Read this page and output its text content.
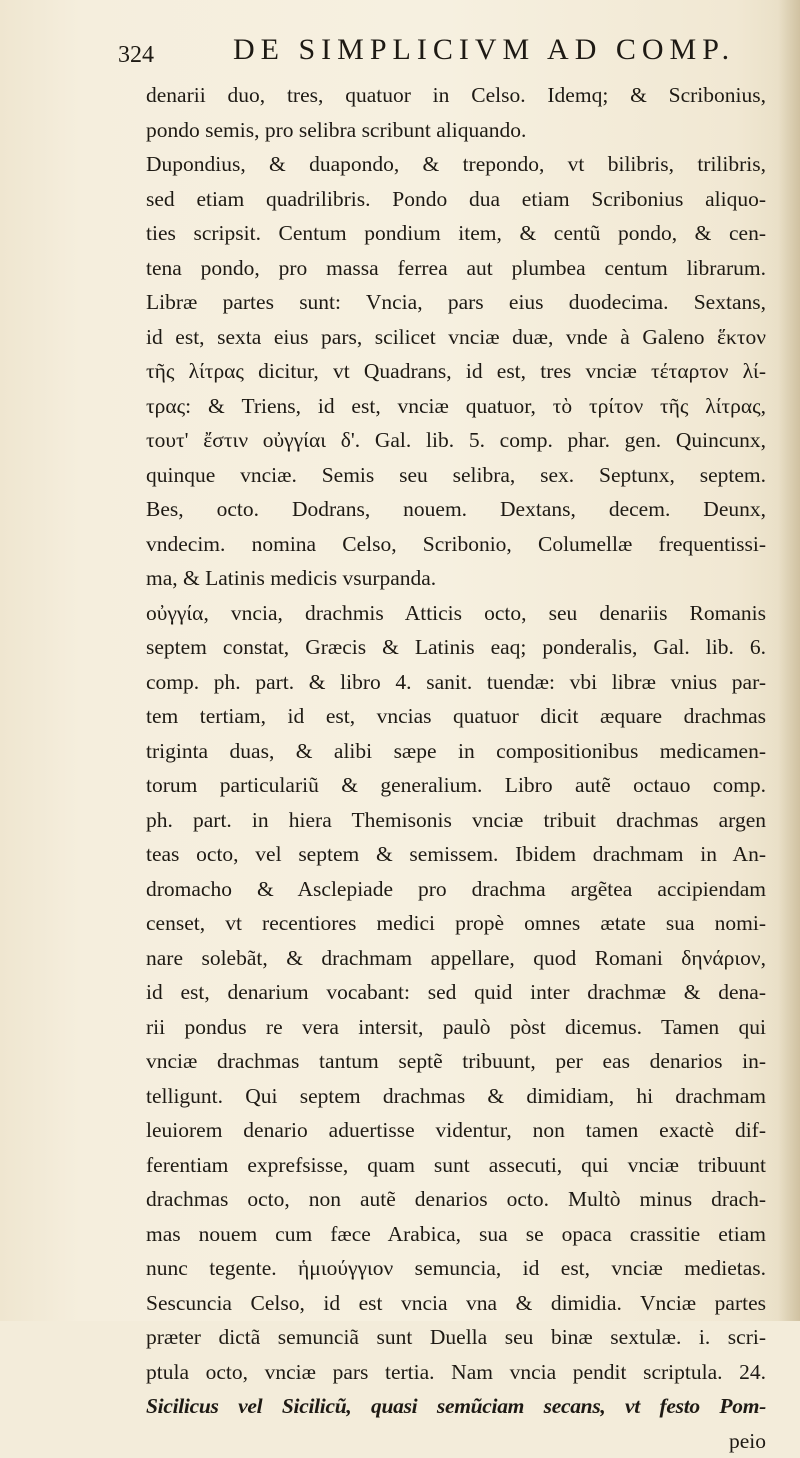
324	DE SIMPLICIVM AD COMP.
denarii duo, tres, quatuor in Celso. Idemq; & Scribonius,
pondo semis, pro selibra scribunt aliquando.
Dupondius, & duapondo, & trepondo, vt bilibris, trilibris,
sed etiam quadrilibris. Pondo dua etiam Scribonius aliquo-
ties scripsit. Centum pondium item, & centũ pondo, & cen-
tena pondo, pro massa ferrea aut plumbea centum librarum.
Libræ partes sunt: Vncia, pars eius duodecima. Sextans,
id est, sexta eius pars, scilicet vnciæ duæ, vnde à Galeno ἕκτον
τῆς λίτρας dicitur, vt Quadrans, id est, tres vnciæ τέταρτον λί-
τρας: & Triens, id est, vnciæ quatuor, τὸ τρίτον τῆς λίτρας,
τουτ' ἔστιν οὐγγίαι δ'. Gal. lib. 5. comp. phar. gen. Quincunx,
quinque vnciæ. Semis seu selibra, sex. Septunx, septem.
Bes, octo. Dodrans, nouem. Dextans, decem. Deunx,
vndecim. nomina Celso, Scribonio, Columellæ frequentissi-
ma, & Latinis medicis vsurpanda.
οὐγγία, vncia, drachmis Atticis octo, seu denariis Romanis
septem constat, Græcis & Latinis eaq; ponderalis, Gal. lib. 6.
comp. ph. part. & libro 4. sanit. tuendæ: vbi libræ vnius par-
tem tertiam, id est, vncias quatuor dicit æquare drachmas
triginta duas, & alibi sæpe in compositionibus medicamen-
torum particulariũ & generalium. Libro autẽ octauo comp.
ph. part. in hiera Themisonis vnciæ tribuit drachmas argen
teas octo, vel septem & semissem. Ibidem drachmam in An-
dromacho & Asclepiade pro drachma argẽtea accipiendam
censet, vt recentiores medici propè omnes ætate sua nomi-
nare solebãt, & drachmam appellare, quod Romani δηνάριον,
id est, denarium vocabant: sed quid inter drachmæ & dena-
rii pondus re vera intersit, paulò pòst dicemus. Tamen qui
vnciæ drachmas tantum septẽ tribuunt, per eas denarios in-
telligunt. Qui septem drachmas & dimidiam, hi drachmam
leuiorem denario aduertisse videntur, non tamen exactè dif-
ferentiam exprefsisse, quam sunt assecuti, qui vnciæ tribuunt
drachmas octo, non autẽ denarios octo. Multò minus drach-
mas nouem cum fæce Arabica, sua se opaca crassitie etiam
nunc tegente. ἡμιούγγιον semuncia, id est, vnciæ medietas.
Sescuncia Celso, id est vncia vna & dimidia. Vnciæ partes
præter dictã semunciã sunt Duella seu binæ sextulæ. i. scri-
ptula octo, vnciæ pars tertia. Nam vncia pendit scriptula. 24.
Sicilicus vel Sicilicũ, quasi semũciam secans, vt festo Pom-
peio
